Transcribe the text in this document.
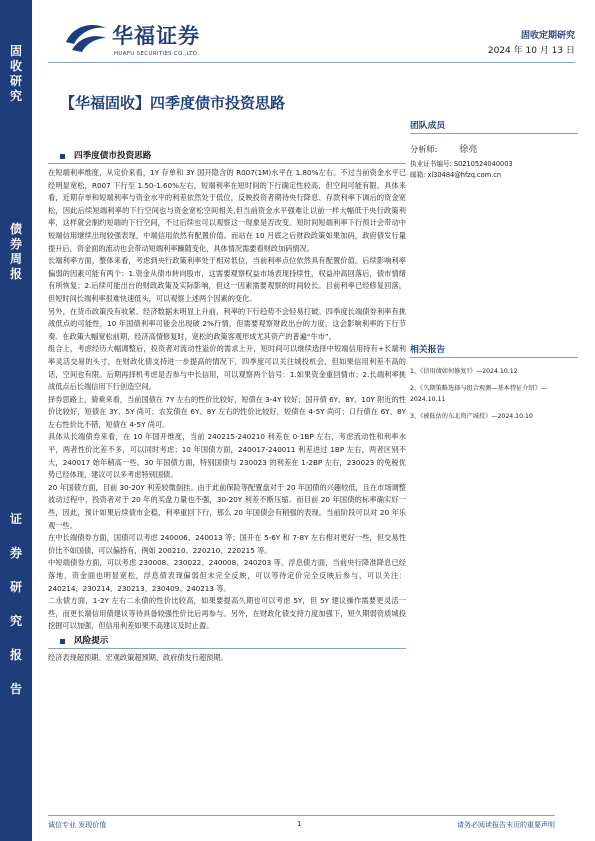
固
收
研
究
债
券
周
报
证
券
研
究
报
告
华福证券
HUAFU SECURITIES CO.,LTD.
固收定期研究
2024 年 10 月 13 日
【华福固收】四季度债市投资思路
四季度债市投资思路

在短端利率维度，从定价来看，1Y 存单和 3Y 国开隐含的 R007(1M)水平在 1.80%左右。不过当前资金水平已经明显宽松，R007 下行至 1.50-1.60%左右，短端利率在短时间的下行确定性较高，但空间可能有限。具体来看，近期存单和短端利率与资金水平的利差依然处于低位，反映投资者期待央行降息、存款利率下调后的资金宽松，因此后续短端利率的下行空间也与资金宽松空间相关,但当前资金水平强难让以前一样大幅低于央行政策利率，这样就会制约短端的下行空间，不过后续也可以观察这一现象是否改变。短时间短端利率下行预计会带动中短端信用继续出现较强表现，中端信用依然有配置价值。而站在 10 月底之后财政政策如果加码，政府债发行量提升后，资金面的流动也会带动短端利率躁随变化，具体情况需要看财政加码情况。

长端利率方面，整体来看，考虑到央行政策利率处于相对低位，当前利率点位依然具有配置价值。后续影响利率偏弱的因素可能有两个：1.资金从债市转向股市，这需要观察权益市场表现持续性，权益冲高回落后，债市情绪有所恢复；2.后续可能出台的财政政策及实际影响，但这一因素需要观察的时间较长。目前利率已经修复回落，但短时间长端利率很难快速低头，可以观察上述两个因素的变化。

另外，在货币政策没有收紧、经济数据未明显上升前，利率的下行趋势不会轻易打破。四季度长端债券利率有挑战低点的可能性，10 年国债利率可能会出现破 2%行情，但需要观察财政出台的力度，这会影响利率的下行节奏。在政策大幅宽松前期，经济高情修复时，宽松的政策客观形成尤其资产的普遍“牛市”。

组合上，考虑经历大幅调整后，投资者对流动性溢价的需求上升，短时间可以继续选择中短端信用持有+长端利率灵活交易的头寸，在财政化债支持进一步提高的情况下，四季度可以关注城投机会，但如果信用利差不高的话，空间也有限。后期再择机考虑是否参与中长信用，可以观察两个信号：1.如果资金重回情市；2.长端利率挑战低点后长端信用下行创造空间。

择券思路上，骑乘来看，当前国债在 7Y 左右的性价比较好，短债在 3-4Y 较好；国开债 6Y、8Y、10Y 附近的性价比较好，短债在 3Y、5Y 尚可；农发债在 6Y、8Y 左右的性价比较好，短债在 4-5Y 尚可；口行债在 6Y、8Y 左右性价比不错，短债在 4-5Y 尚可。

具体从长端债券来看，在 10 年国开维度，当前 240215-240210 利差在 0-1BP 左右，考虑流动性和利率水平，两者性价比差不多，可以同时考虑；10 年国债方面，240017-240011 利差进过 1BP 左右，两者区别不大，240017 始年稍高一些。30 年国债方面，特别国债与 230023 的利差在 1-2BP 左右，230023 的免税优势已经体现，建议可以多考虑特别国债。

20 年国债方面，目前 30-20Y 利差较微倒挂。由于此前保险等配置盘对于 20 年国债的兴趣较低，且在市场调整波动过程中，投资者对于 20 年的买盘力量也不强，30-20Y 利差不断压缩。而目前 20 年国债的标率确实好一些，因此，预计如果后续债市企稳，利率重回下行，那么 20 年国债会有稍强的表现。当前阶段可以对 20 年乐观一些。

在中长端债券方面，国债可以考虑 240006、240013 等；国开在 5-6Y 和 7-8Y 左右相对更好一些，但交易性价比不如国债，可以偏持有，例如 200210、220210、220215 等。

中短端债券方面，可以考虑 230008、230022、240008、240203 等。浮息债方面，当前央行降准降息已经落地，资金面也明显宽松，浮息债表现偏弱但未完全反映，可以等待定价完全反映后参与，可以关注：240214、230214、230213、230409、240213 等。

二永债方面，1-2Y 左右二永债的性价比较高，如果要提高久期也可以考虑 5Y，但 5Y 建议操作需要更灵活一些，而更长端信用债建议等待具备较强性价比后再参与。另外，在财政化债支持力度加强下，短久期弱资质城投挖掘可以加强，但信用利差如果不高建议及时止盈。

风险提示

经济表现超预期、宏观政策超预期、政府债发行超预期。

团队成员
分析师: 徐亮
执业证书编号: S0210524040003
邮箱: xl30484@hfzq.com.cn
相关报告
1、《信用债如何修复?》—2024.10.12
2、《久期策略选择与组合观测—基本特征介绍》—2024.10.11
3、《被低估的东北资产城投》—2024.10.10
诚信专业 发现价值	1	请务必阅读报告末页的重要声明
